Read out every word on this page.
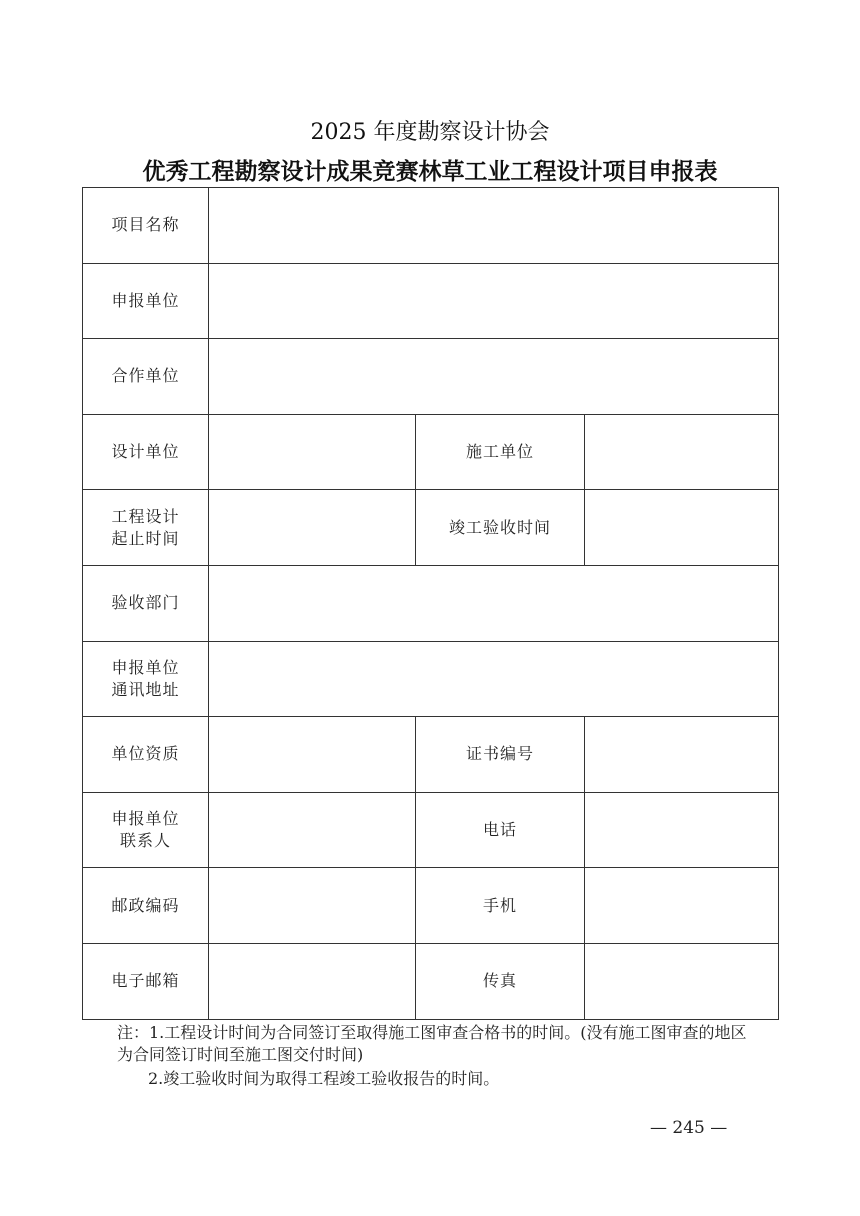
2025 年度勘察设计协会
优秀工程勘察设计成果竞赛林草工业工程设计项目申报表
项目名称			
申报单位			
合作单位			
设计单位		施工单位	

工程设计
起止时间		竣工验收时间	
验收部门			

申报单位
通讯地址			

单位资质		证书编号	

申报单位
联系人		电话	
邮政编码		手机	
电子邮箱		传真	
注：1.工程设计时间为合同签订至取得施工图审查合格书的时间。(没有施工图审查的地区为合同签订时间至施工图交付时间)
2.竣工验收时间为取得工程竣工验收报告的时间。
— 245 —
